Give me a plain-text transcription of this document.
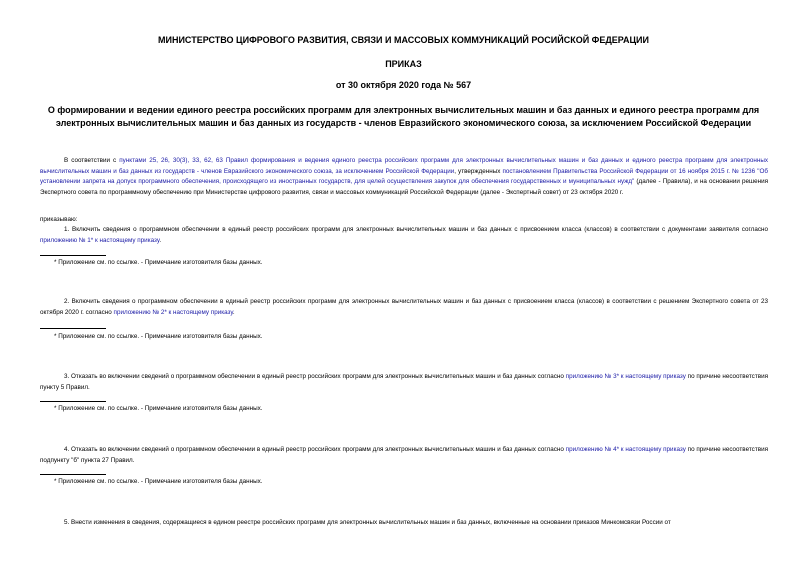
МИНИСТЕРСТВО ЦИФРОВОГО РАЗВИТИЯ, СВЯЗИ И МАССОВЫХ КОММУНИКАЦИЙ РОСИЙСКОЙ ФЕДЕРАЦИИ
ПРИКАЗ
от 30 октября 2020 года № 567
О формировании и ведении единого реестра российских программ для электронных вычислительных машин и баз данных и единого реестра программ для электронных вычислительных машин и баз данных из государств - членов Евразийского экономического союза, за исключением Российской Федерации
В соответствии с пунктами 25, 26, 30(3), 33, 62, 63 Правил формирования и ведения единого реестра российских программ для электронных вычислительных машин и баз данных и единого реестра программ для электронных вычислительных машин и баз данных из государств - членов Евразийского экономического союза, за исключением Российской Федерации, утвержденных постановлением Правительства Российской Федерации от 16 ноября 2015 г. № 1236 "Об установлении запрета на допуск программного обеспечения, происходящего из иностранных государств, для целей осуществления закупок для обеспечения государственных и муниципальных нужд" (далее - Правила), и на основании решения Экспертного совета по программному обеспечению при Министерстве цифрового развития, связи и массовых коммуникаций Российской Федерации (далее - Экспертный совет) от 23 октября 2020 г.
приказываю:
1. Включить сведения о программном обеспечении в единый реестр российских программ для электронных вычислительных машин и баз данных с присвоением класса (классов) в соответствии с документами заявителя согласно приложению № 1* к настоящему приказу.
* Приложение см. по ссылке. - Примечание изготовителя базы данных.
2. Включить сведения о программном обеспечении в единый реестр российских программ для электронных вычислительных машин и баз данных с присвоением класса (классов) в соответствии с решением Экспертного совета от 23 октября 2020 г. согласно приложению № 2* к настоящему приказу.
* Приложение см. по ссылке. - Примечание изготовителя базы данных.
3. Отказать во включении сведений о программном обеспечении в единый реестр российских программ для электронных вычислительных машин и баз данных согласно приложению № 3* к настоящему приказу по причине несоответствия пункту 5 Правил.
* Приложение см. по ссылке. - Примечание изготовителя базы данных.
4. Отказать во включении сведений о программном обеспечении в единый реестр российских программ для электронных вычислительных машин и баз данных согласно приложению № 4* к настоящему приказу по причине несоответствия подпункту "б" пункта 27 Правил.
* Приложение см. по ссылке. - Примечание изготовителя базы данных.
5. Внести изменения в сведения, содержащиеся в едином реестре российских программ для электронных вычислительных машин и баз данных, включенные на основании приказов Минкомсвязи России от
